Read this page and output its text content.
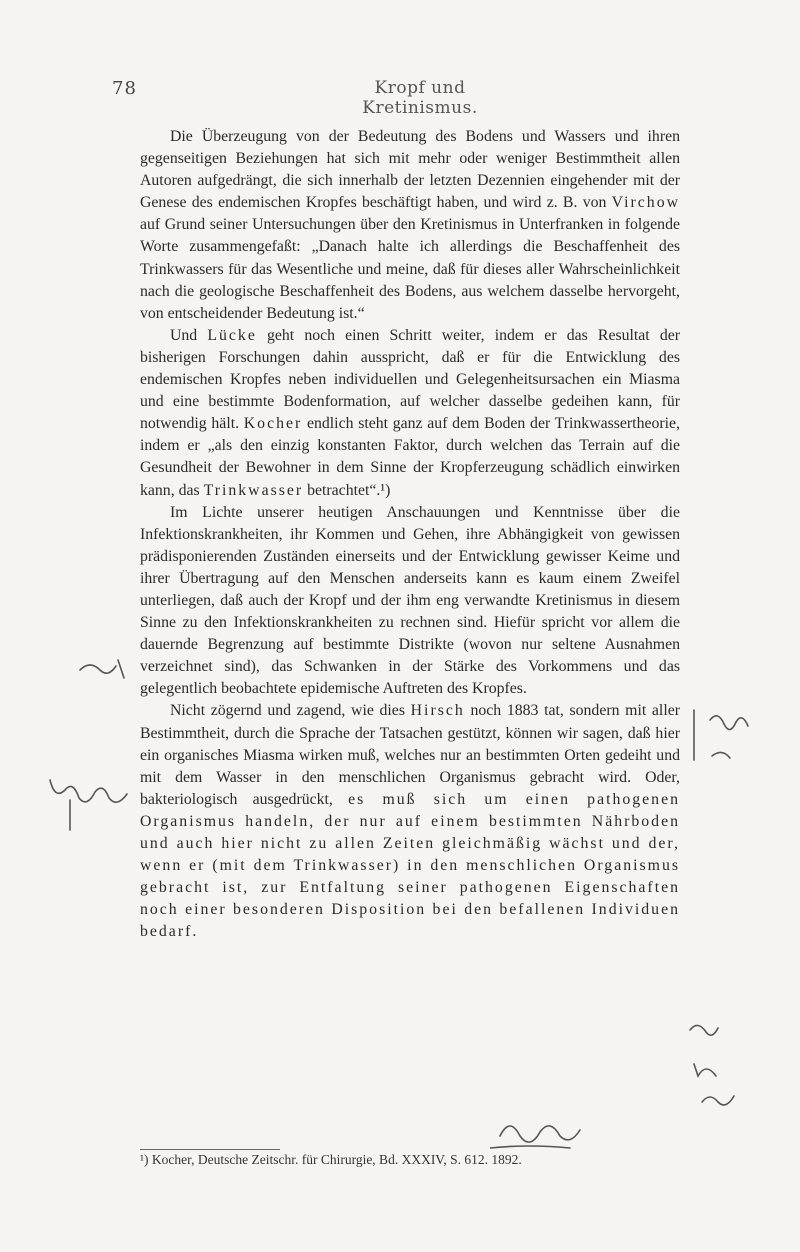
78	Kropf und Kretinismus.

Die Überzeugung von der Bedeutung des Bodens und Wassers und ihren gegenseitigen Beziehungen hat sich mit mehr oder weniger Bestimmtheit allen Autoren aufgedrängt, die sich innerhalb der letzten Dezennien eingehender mit der Genese des endemischen Kropfes beschäftigt haben, und wird z. B. von Virchow auf Grund seiner Untersuchungen über den Kretinismus in Unterfranken in folgende Worte zusammengefaßt: „Danach halte ich allerdings die Beschaffenheit des Trinkwassers für das Wesentliche und meine, daß für dieses aller Wahrscheinlichkeit nach die geologische Beschaffenheit des Bodens, aus welchem dasselbe hervorgeht, von entscheidender Bedeutung ist.“

Und Lücke geht noch einen Schritt weiter, indem er das Resultat der bisherigen Forschungen dahin ausspricht, daß er für die Entwicklung des endemischen Kropfes neben individuellen und Gelegenheitsursachen ein Miasma und eine bestimmte Bodenformation, auf welcher dasselbe gedeihen kann, für notwendig hält. Kocher endlich steht ganz auf dem Boden der Trinkwassertheorie, indem er „als den einzig konstanten Faktor, durch welchen das Terrain auf die Gesundheit der Bewohner in dem Sinne der Kropferzeugung schädlich einwirken kann, das Trinkwasser betrachtet“.¹)

Im Lichte unserer heutigen Anschauungen und Kenntnisse über die Infektionskrankheiten, ihr Kommen und Gehen, ihre Abhängigkeit von gewissen prädisponierenden Zuständen einerseits und der Entwicklung gewisser Keime und ihrer Übertragung auf den Menschen anderseits kann es kaum einem Zweifel unterliegen, daß auch der Kropf und der ihm eng verwandte Kretinismus in diesem Sinne zu den Infektionskrankheiten zu rechnen sind. Hiefür spricht vor allem die dauernde Begrenzung auf bestimmte Distrikte (wovon nur seltene Ausnahmen verzeichnet sind), das Schwanken in der Stärke des Vorkommens und das gelegentlich beobachtete epidemische Auftreten des Kropfes.

Nicht zögernd und zagend, wie dies Hirsch noch 1883 tat, sondern mit aller Bestimmtheit, durch die Sprache der Tatsachen gestützt, können wir sagen, daß hier ein organisches Miasma wirken muß, welches nur an bestimmten Orten gedeiht und mit dem Wasser in den menschlichen Organismus gebracht wird. Oder, bakteriologisch ausgedrückt, es muß sich um einen pathogenen Organismus handeln, der nur auf einem bestimmten Nährboden und auch hier nicht zu allen Zeiten gleichmäßig wächst und der, wenn er (mit dem Trinkwasser) in den menschlichen Organismus gebracht ist, zur Entfaltung seiner pathogenen Eigenschaften noch einer besonderen Disposition bei den befallenen Individuen bedarf.

¹) Kocher, Deutsche Zeitschr. für Chirurgie, Bd. XXXIV, S. 612. 1892.
